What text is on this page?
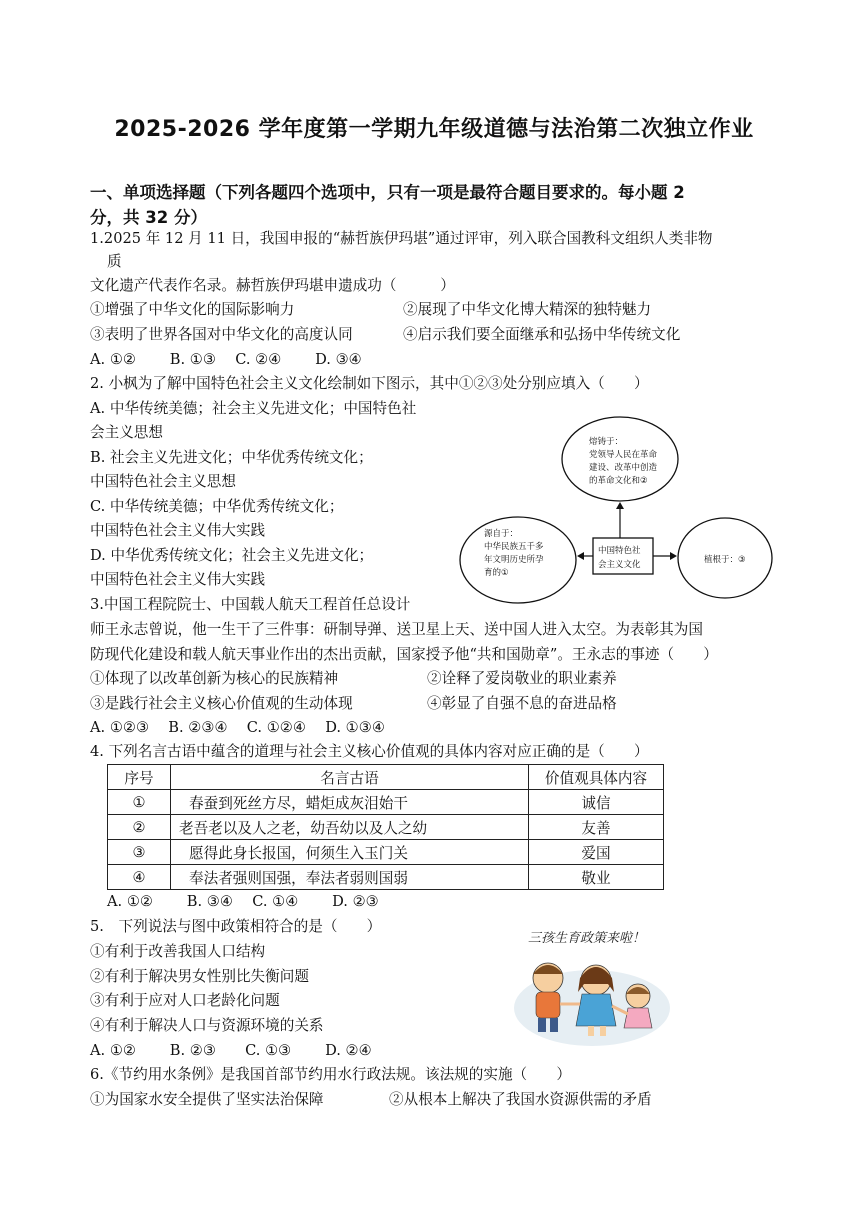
2025-2026 学年度第一学期九年级道德与法治第二次独立作业
一、单项选择题（下列各题四个选项中，只有一项是最符合题目要求的。每小题 2
分，共 32 分）
1.2025 年 12 月 11 日，我国申报的“赫哲族伊玛堪”通过评审，列入联合国教科文组织人类非物
质
文化遗产代表作名录。赫哲族伊玛堪申遗成功（　　　）
①增强了中华文化的国际影响力	②展现了中华文化博大精深的独特魅力
③表明了世界各国对中华文化的高度认同	④启示我们要全面继承和弘扬中华传统文化
A. ①②　　 B. ①③　 C. ②④　　 D. ③④
2. 小枫为了解中国特色社会主义文化绘制如下图示，其中①②③处分别应填入（　　）
A. 中华传统美德；社会主义先进文化；中国特色社
会主义思想
B. 社会主义先进文化；中华优秀传统文化；
中国特色社会主义思想
C. 中华传统美德；中华优秀传统文化；
中国特色社会主义伟大实践
D. 中华优秀传统文化；社会主义先进文化；
中国特色社会主义伟大实践
熔铸于：
党领导人民在革命
建设、改革中创造
的革命文化和②
源自于：
中华民族五千多
年文明历史所孕
育的①
中国特色社
会主义文化	植根于：③
3.中国工程院院士、中国载人航天工程首任总设计
师王永志曾说，他一生干了三件事：研制导弹、送卫星上天、送中国人进入太空。为表彰其为国
防现代化建设和载人航天事业作出的杰出贡献，国家授予他“共和国勋章”。王永志的事迹（　　）
①体现了以改革创新为核心的民族精神	②诠释了爱岗敬业的职业素养
③是践行社会主义核心价值观的生动体现	④彰显了自强不息的奋进品格
A. ①②③　 B. ②③④　 C. ①②④　 D. ①③④
4. 下列名言古语中蕴含的道理与社会主义核心价值观的具体内容对应正确的是（　　）
序号	名言古语	价值观具体内容
①	春蚕到死丝方尽，蜡炬成灰泪始干	诚信
②	老吾老以及人之老，幼吾幼以及人之幼	友善
③	愿得此身长报国，何须生入玉门关	爱国
④	奉法者强则国强，奉法者弱则国弱	敬业
A. ①②　　 B. ③④　 C. ①④　　 D. ②③
5.　下列说法与图中政策相符合的是（　　）
①有利于改善我国人口结构
②有利于解决男女性别比失衡问题
③有利于应对人口老龄化问题
④有利于解决人口与资源环境的关系
A. ①②　　 B. ②③　　C. ①③　　 D. ②④
三孩生育政策来啦！
6.《节约用水条例》是我国首部节约用水行政法规。该法规的实施（　　）
①为国家水安全提供了坚实法治保障	②从根本上解决了我国水资源供需的矛盾
